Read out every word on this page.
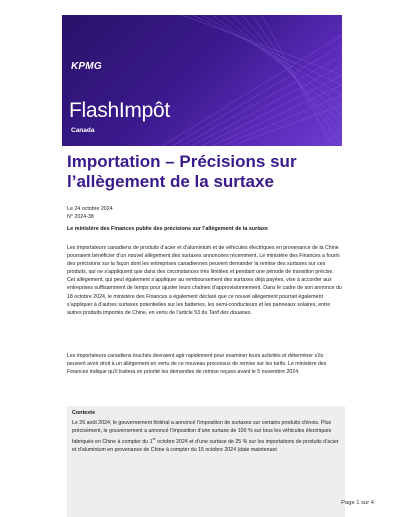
KPMG
FlashImpôt
Canada
Importation – Précisions sur l’allègement de la surtaxe
Le 24 octobre 2024
N° 2024-38
Le ministère des Finances publie des précisions sur l’allègement de la surtaxe

Les importateurs canadiens de produits d’acier et d’aluminium et de véhicules électriques en provenance de la Chine pourraient bénéficier d’un nouvel allègement des surtaxes annoncées récemment. Le ministère des Finances a fourni des précisions sur la façon dont les entreprises canadiennes peuvent demander la remise des surtaxes sur ces produits, qui ne s’appliquent que dans des circonstances très limitées et pendant une période de transition précise. Cet allègement, qui peut également s’appliquer au remboursement des surtaxes déjà payées, vise à accorder aux entreprises suffisamment de temps pour ajuster leurs chaînes d’approvisionnement. Dans le cadre de son annonce du 18 octobre 2024, le ministère des Finances a également déclaré que ce nouvel allègement pourrait également s’appliquer à d’autres surtaxes potentielles sur les batteries, les semi-conducteurs et les panneaux solaires, entre autres produits importés de Chine, en vertu de l’article 53 du Tarif des douanes.

Les importateurs canadiens touchés devraient agir rapidement pour examiner leurs activités et déterminer s’ils peuvent avoir droit à un allègement en vertu de ce nouveau processus de remise sur les tarifs. Le ministère des Finances indique qu’il traitera en priorité les demandes de remise reçues avant le 5 novembre 2024.

Contexte

Le 26 août 2024, le gouvernement fédéral a annoncé l’imposition de surtaxes sur certains produits chinois. Plus précisément, le gouvernement a annoncé l’imposition d’une surtaxe de 100 % sur tous les véhicules électriques fabriqués en Chine à compter du 1er octobre 2024 et d’une surtaxe de 25 % sur les importations de produits d’acier et d’aluminium en provenance de Chine à compter du 15 octobre 2024 (date maintenant

Page 1 sur 4
